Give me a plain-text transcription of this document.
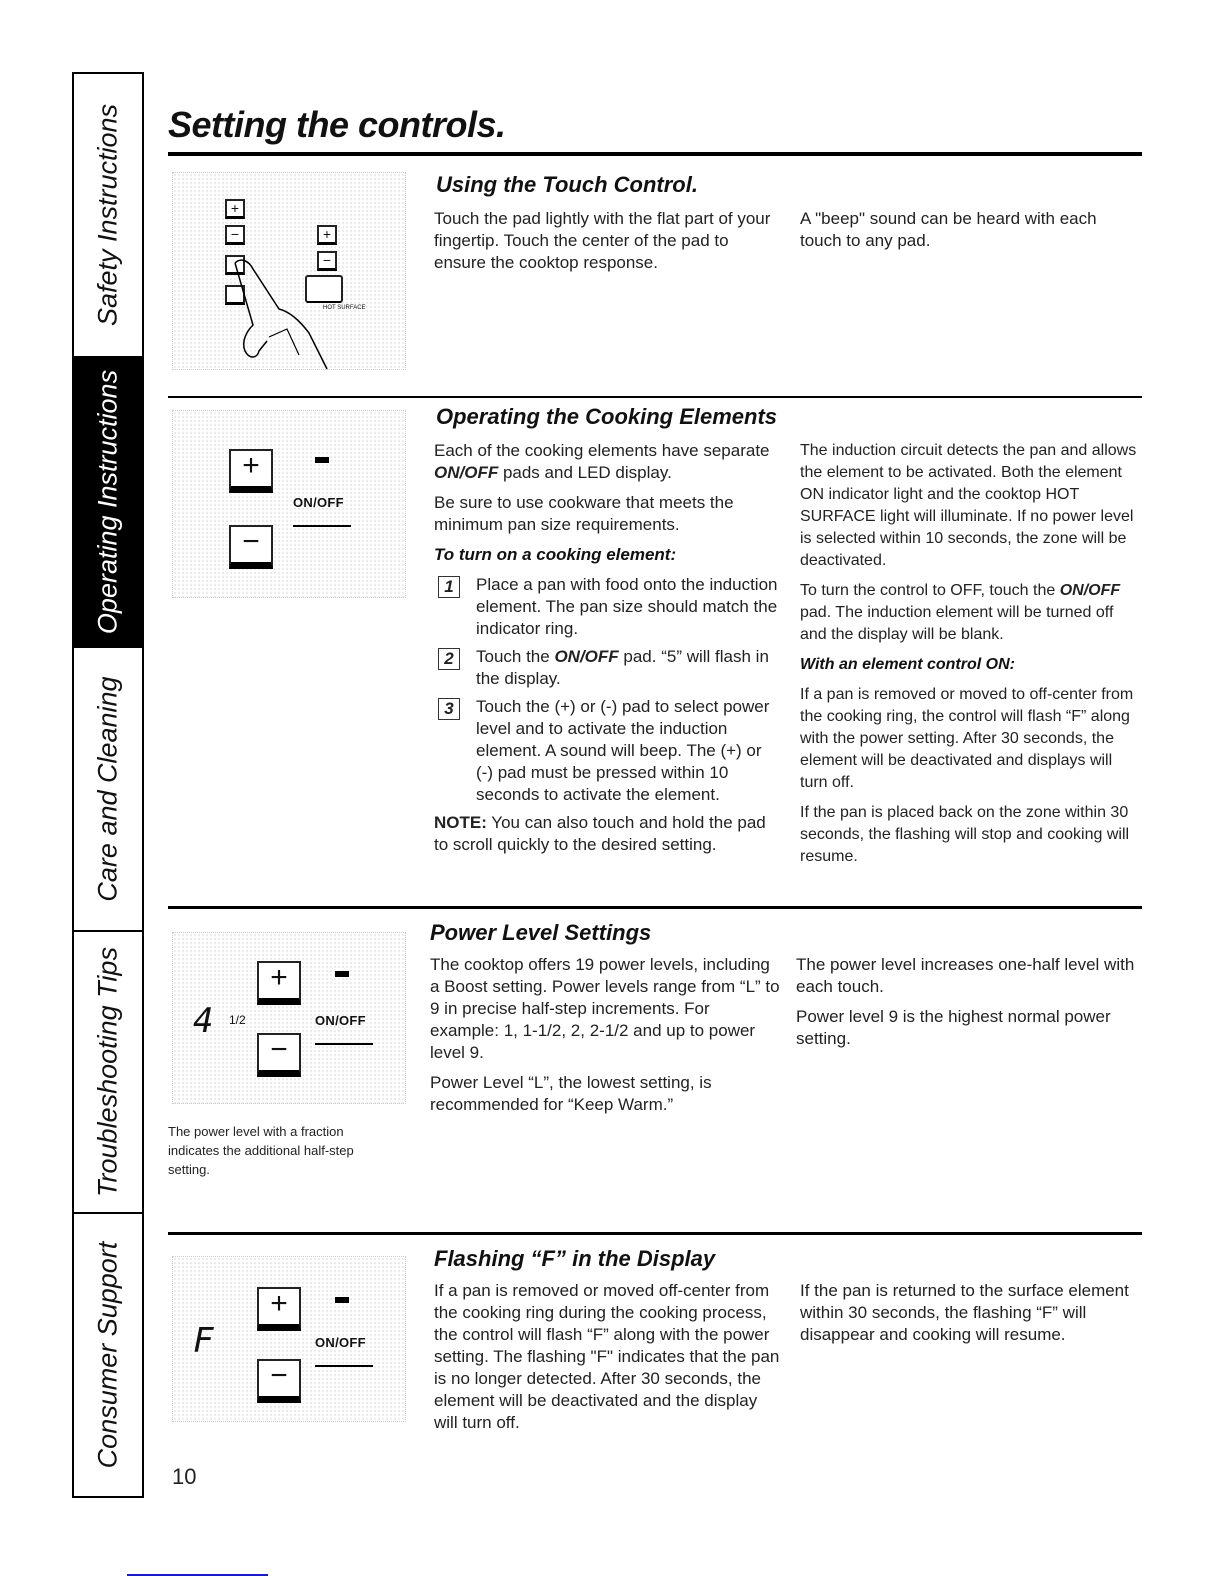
Safety Instructions
Operating Instructions
Care and Cleaning
Troubleshooting Tips
Consumer Support
Setting the controls.
+
−	+
−
HOT SURFACE
Using the Touch Control.

Touch the pad lightly with the flat part of your fingertip. Touch the center of the pad to ensure the cooktop response.

A "beep" sound can be heard with each touch to any pad.

+
ON/OFF
−
Operating the Cooking Elements

Each of the cooking elements have separate ON/OFF pads and LED display.

Be sure to use cookware that meets the minimum pan size requirements.

To turn on a cooking element:

1	Place a pan with food onto the induction element. The pan size should match the indicator ring.
2	Touch the ON/OFF pad. “5” will flash in the display.
3	Touch the (+) or (-) pad to select power level and to activate the induction element. A sound will beep. The (+) or (-) pad must be pressed within 10 seconds to activate the element.

NOTE: You can also touch and hold the pad to scroll quickly to the desired setting.

The induction circuit detects the pan and allows the element to be activated. Both the element ON indicator light and the cooktop HOT SURFACE light will illuminate. If no power level is selected within 10 seconds, the zone will be deactivated.

To turn the control to OFF, touch the ON/OFF pad. The induction element will be turned off and the display will be blank.

With an element control ON:

If a pan is removed or moved to off-center from the cooking ring, the control will flash “F” along with the power setting. After 30 seconds, the element will be deactivated and displays will turn off.

If the pan is placed back on the zone within 30 seconds, the flashing will stop and cooking will resume.

4 1/2
+
ON/OFF
−
The power level with a fraction indicates the additional half-step setting.
Power Level Settings

The cooktop offers 19 power levels, including a Boost setting. Power levels range from “L” to 9 in precise half-step increments. For example: 1, 1-1/2, 2, 2-1/2 and up to power level 9.

Power Level “L”, the lowest setting, is recommended for “Keep Warm.”

The power level increases one-half level with each touch.

Power level 9 is the highest normal power setting.

F
+
ON/OFF
−
Flashing “F” in the Display

If a pan is removed or moved off-center from the cooking ring during the cooking process, the control will flash “F” along with the power setting. The flashing "F" indicates that the pan is no longer detected. After 30 seconds, the element will be deactivated and the display will turn off.

If the pan is returned to the surface element within 30 seconds, the flashing “F” will disappear and cooking will resume.

10
